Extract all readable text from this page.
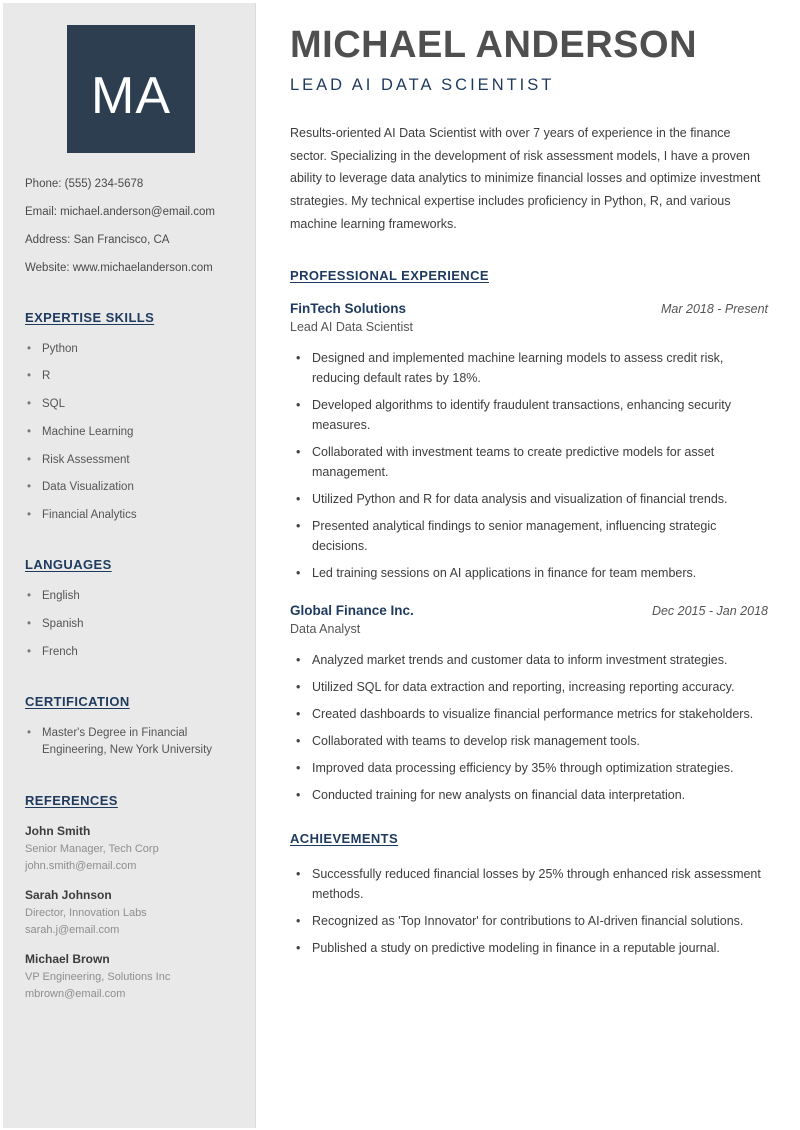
MA
Phone: (555) 234-5678
Email: michael.anderson@email.com
Address: San Francisco, CA
Website: www.michaelanderson.com
EXPERTISE SKILLS
• Python
• R
• SQL
• Machine Learning
• Risk Assessment
• Data Visualization
• Financial Analytics
LANGUAGES
• English
• Spanish
• French
CERTIFICATION
• Master's Degree in Financial Engineering, New York University
REFERENCES

John Smith

Senior Manager, Tech Corp
john.smith@email.com

Sarah Johnson

Director, Innovation Labs
sarah.j@email.com

Michael Brown

VP Engineering, Solutions Inc
mbrown@email.com
MICHAEL ANDERSON
LEAD AI DATA SCIENTIST

Results-oriented AI Data Scientist with over 7 years of experience in the finance sector. Specializing in the development of risk assessment models, I have a proven ability to leverage data analytics to minimize financial losses and optimize investment strategies. My technical expertise includes proficiency in Python, R, and various machine learning frameworks.

PROFESSIONAL EXPERIENCE
FinTech Solutions	Mar 2018 - Present
Lead AI Data Scientist
• Designed and implemented machine learning models to assess credit risk, reducing default rates by 18%.
• Developed algorithms to identify fraudulent transactions, enhancing security measures.
• Collaborated with investment teams to create predictive models for asset management.
• Utilized Python and R for data analysis and visualization of financial trends.
• Presented analytical findings to senior management, influencing strategic decisions.
• Led training sessions on AI applications in finance for team members.
Global Finance Inc.	Dec 2015 - Jan 2018
Data Analyst
• Analyzed market trends and customer data to inform investment strategies.
• Utilized SQL for data extraction and reporting, increasing reporting accuracy.
• Created dashboards to visualize financial performance metrics for stakeholders.
• Collaborated with teams to develop risk management tools.
• Improved data processing efficiency by 35% through optimization strategies.
• Conducted training for new analysts on financial data interpretation.
ACHIEVEMENTS
• Successfully reduced financial losses by 25% through enhanced risk assessment methods.
• Recognized as 'Top Innovator' for contributions to AI-driven financial solutions.
• Published a study on predictive modeling in finance in a reputable journal.
